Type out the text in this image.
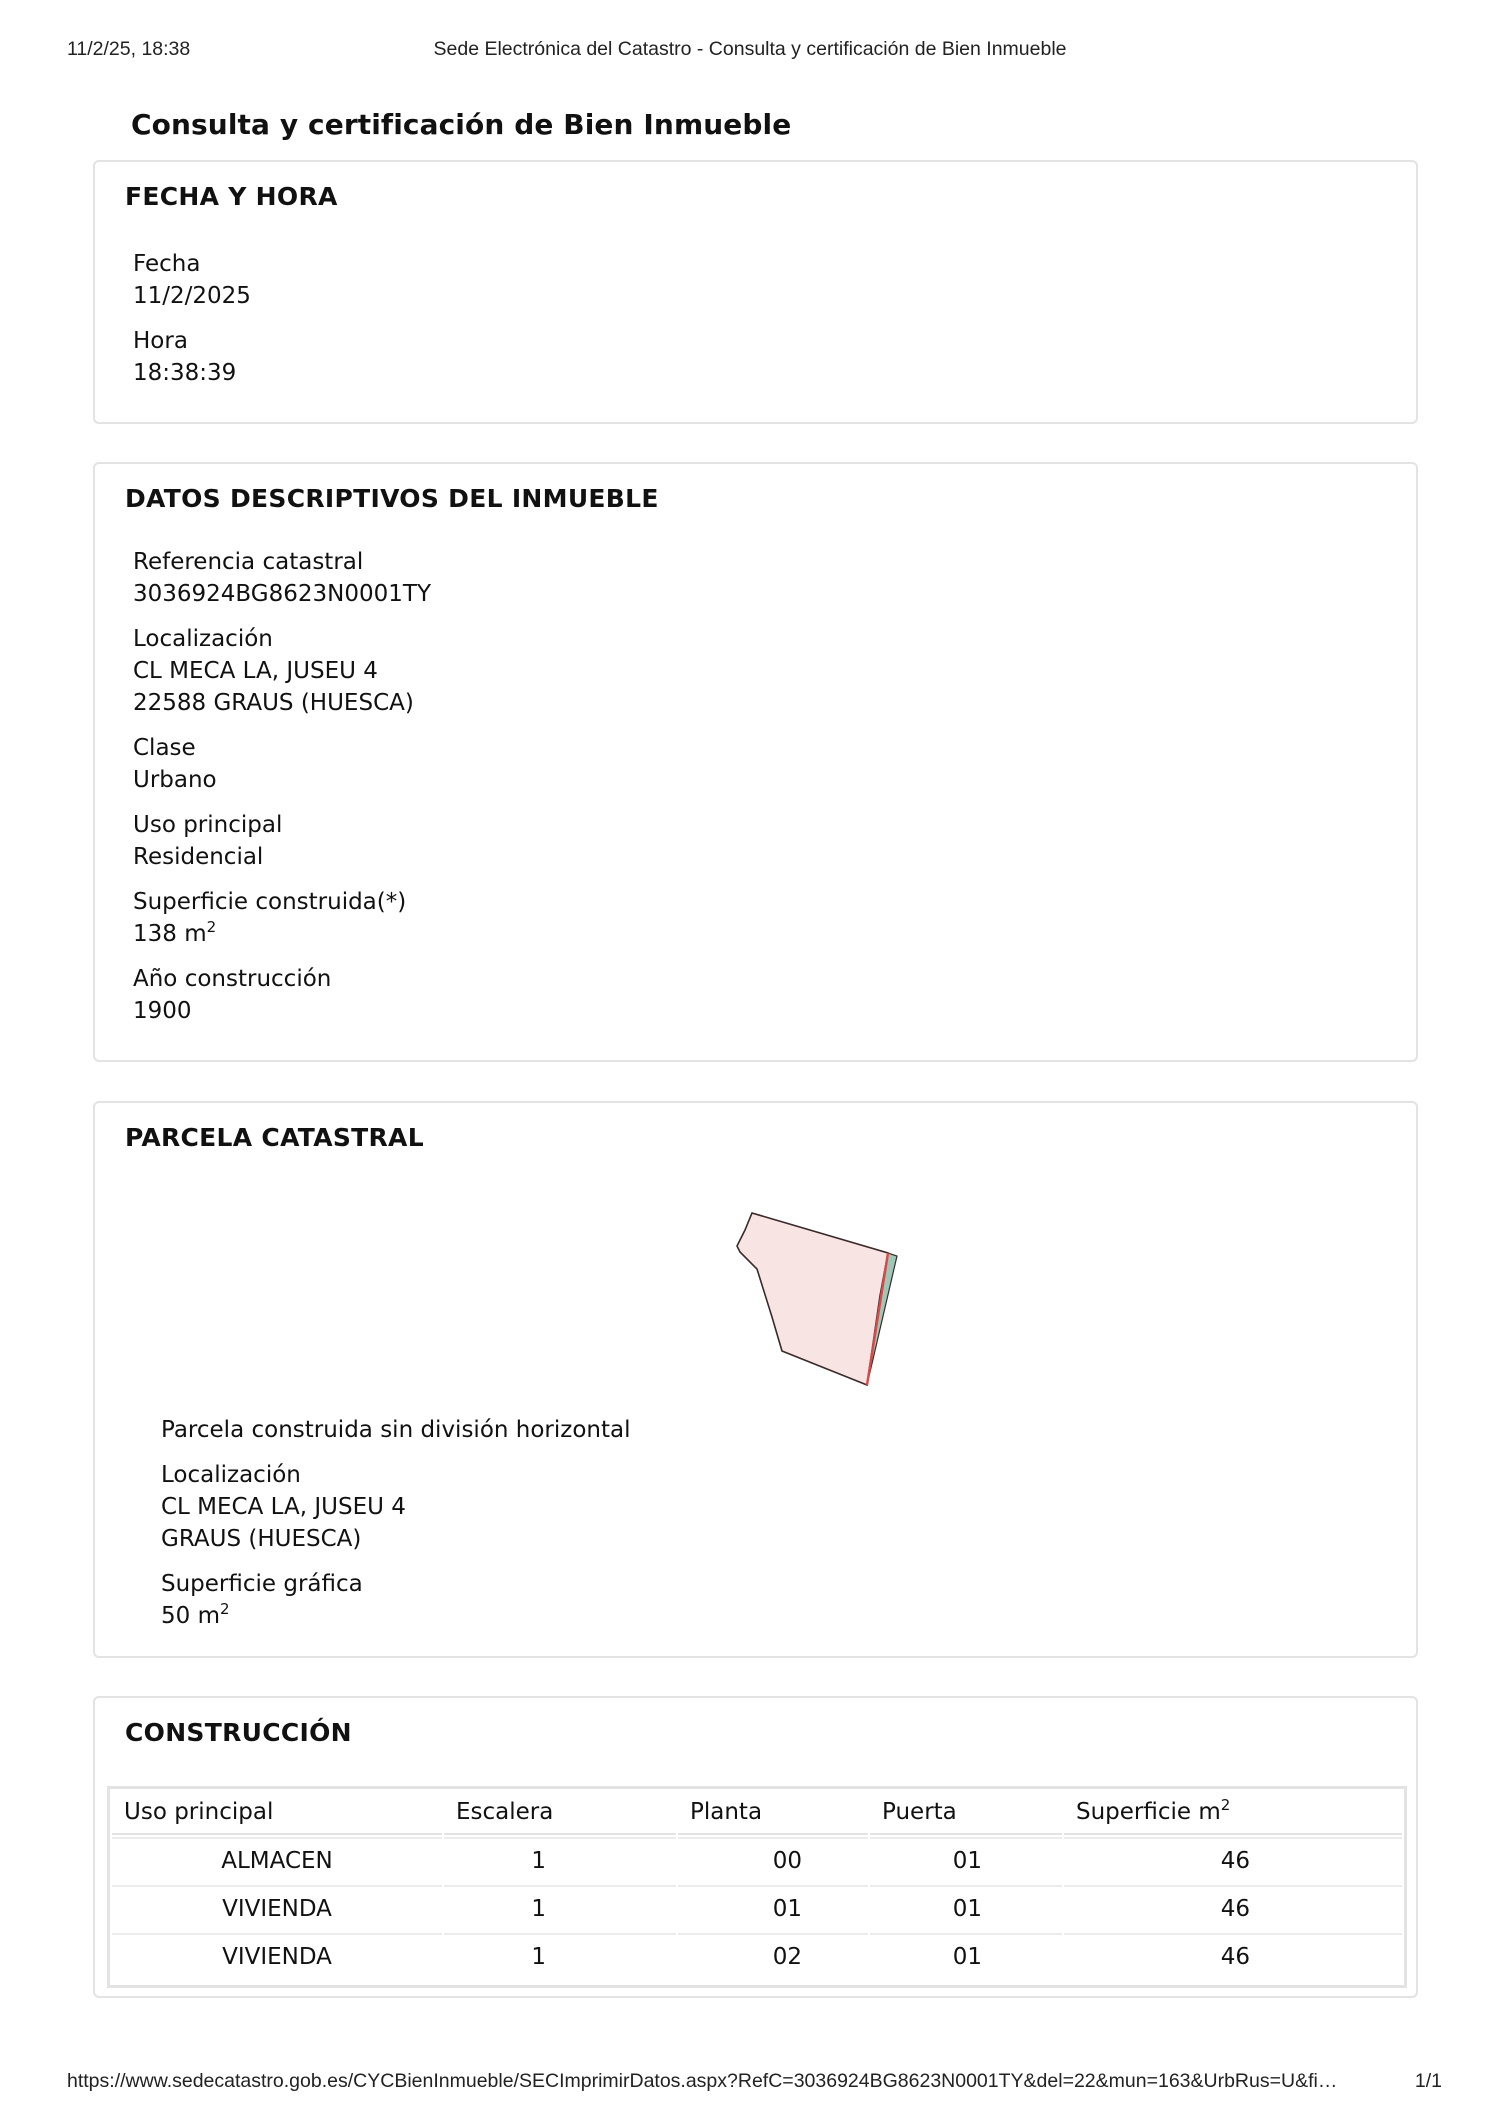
11/2/25, 18:38	Sede Electrónica del Catastro - Consulta y certificación de Bien Inmueble
Consulta y certificación de Bien Inmueble
FECHA Y HORA
Fecha
11/2/2025
Hora
18:38:39
DATOS DESCRIPTIVOS DEL INMUEBLE
Referencia catastral
3036924BG8623N0001TY
Localización
CL MECA LA, JUSEU 4
22588 GRAUS (HUESCA)
Clase
Urbano
Uso principal
Residencial
Superficie construida(*)
138 $m^2$
Año construcción
1900
PARCELA CATASTRAL
Parcela construida sin división horizontal
Localización
CL MECA LA, JUSEU 4
GRAUS (HUESCA)
Superficie gráfica
50 $m^2$
CONSTRUCCIÓN
Uso principal	Escalera	Planta	Puerta	Superficie $m^2$
ALMACEN	1	00	01	46
VIVIENDA	1	01	01	46
VIVIENDA	1	02	01	46
https://www.sedecatastro.gob.es/CYCBienInmueble/SECImprimirDatos.aspx?RefC=3036924BG8623N0001TY&del=22&mun=163&UrbRus=U&fi…	1/1
